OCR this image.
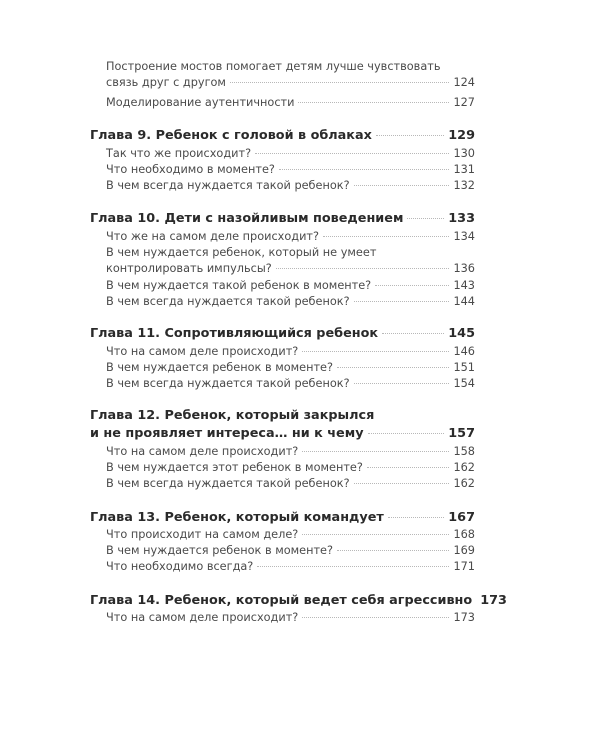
Построение мостов помогает детям лучше чувствовать
связь друг с другом	124
Моделирование аутентичности	127
Глава 9. Ребенок с головой в облаках	129
Так что же происходит?	130
Что необходимо в моменте?	131
В чем всегда нуждается такой ребенок?	132
Глава 10. Дети с назойливым поведением	133
Что же на самом деле происходит?	134
В чем нуждается ребенок, который не умеет
контролировать импульсы?	136
В чем нуждается такой ребенок в моменте?	143
В чем всегда нуждается такой ребенок?	144
Глава 11. Сопротивляющийся ребенок	145
Что на самом деле происходит?	146
В чем нуждается ребенок в моменте?	151
В чем всегда нуждается такой ребенок?	154
Глава 12. Ребенок, который закрылся
и не проявляет интереса… ни к чему	157
Что на самом деле происходит?	158
В чем нуждается этот ребенок в моменте?	162
В чем всегда нуждается такой ребенок?	162
Глава 13. Ребенок, который командует	167
Что происходит на самом деле?	168
В чем нуждается ребенок в моменте?	169
Что необходимо всегда?	171
Глава 14. Ребенок, который ведет себя агрессивно 173
Что на самом деле происходит?	173
